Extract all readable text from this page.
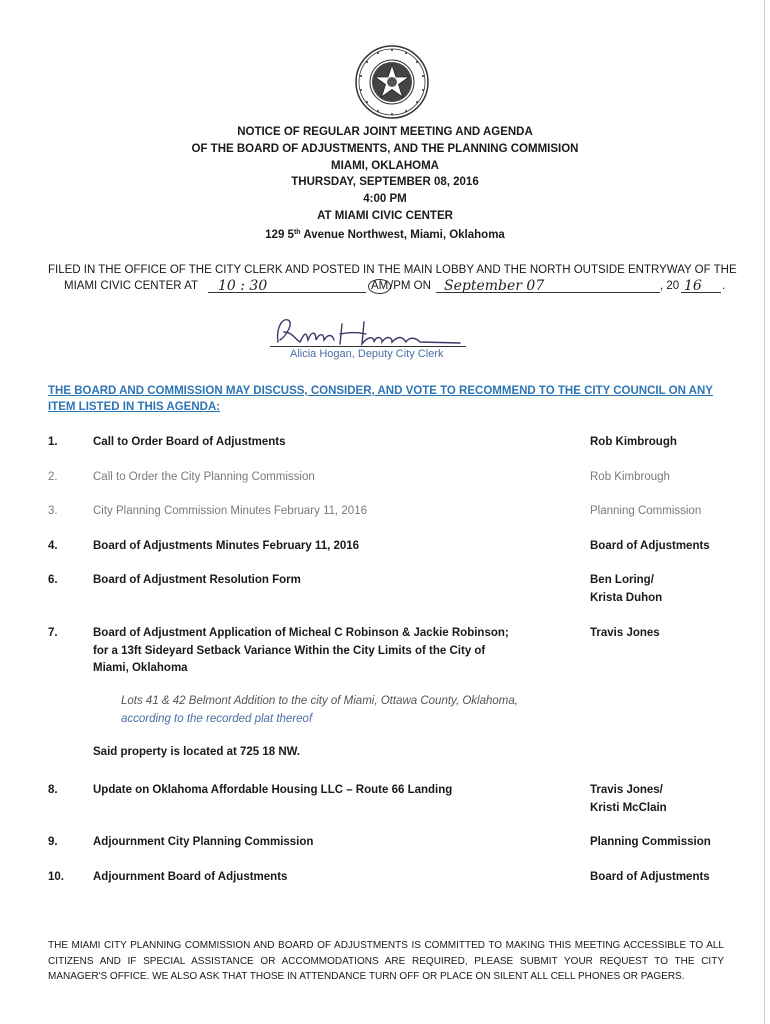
NOTICE OF REGULAR JOINT MEETING AND AGENDA
OF THE BOARD OF ADJUSTMENTS, AND THE PLANNING COMMISION
MIAMI, OKLAHOMA
THURSDAY, SEPTEMBER 08, 2016
4:00 PM
AT MIAMI CIVIC CENTER
129 5th Avenue Northwest, Miami, Oklahoma
FILED IN THE OFFICE OF THE CITY CLERK AND POSTED IN THE MAIN LOBBY AND THE NORTH OUTSIDE ENTRYWAY OF THE
MIAMI CIVIC CENTER AT 10 : 30	AM /PM ON September 07	, 20 16 .
Alicia Hogan, Deputy City Clerk
THE BOARD AND COMMISSION MAY DISCUSS, CONSIDER, AND VOTE TO RECOMMEND TO THE CITY COUNCIL ON ANY ITEM LISTED IN THIS AGENDA:
1.	Call to Order Board of Adjustments	Rob Kimbrough
2.	Call to Order the City Planning Commission	Rob Kimbrough
3.	City Planning Commission Minutes February 11, 2016	Planning Commission
4.	Board of Adjustments Minutes February 11, 2016	Board of Adjustments
6.	Board of Adjustment Resolution Form	Ben Loring/
Krista Duhon
7.	Board of Adjustment Application of Micheal C Robinson & Jackie Robinson;
for a 13ft Sideyard Setback Variance Within the City Limits of the City of
Miami, Oklahoma
Travis Jones
Lots 41 & 42 Belmont Addition to the city of Miami, Ottawa County, Oklahoma,
according to the recorded plat thereof
Said property is located at 725 18 NW.
8.	Update on Oklahoma Affordable Housing LLC – Route 66 Landing	Travis Jones/
Kristi McClain
9.	Adjournment City Planning Commission	Planning Commission
10.	Adjournment Board of Adjustments	Board of Adjustments
THE MIAMI CITY PLANNING COMMISSION AND BOARD OF ADJUSTMENTS IS COMMITTED TO MAKING THIS MEETING ACCESSIBLE TO ALL CITIZENS AND IF SPECIAL ASSISTANCE OR ACCOMMODATIONS ARE REQUIRED, PLEASE SUBMIT YOUR REQUEST TO THE CITY MANAGER'S OFFICE. WE ALSO ASK THAT THOSE IN ATTENDANCE TURN OFF OR PLACE ON SILENT ALL CELL PHONES OR PAGERS.
